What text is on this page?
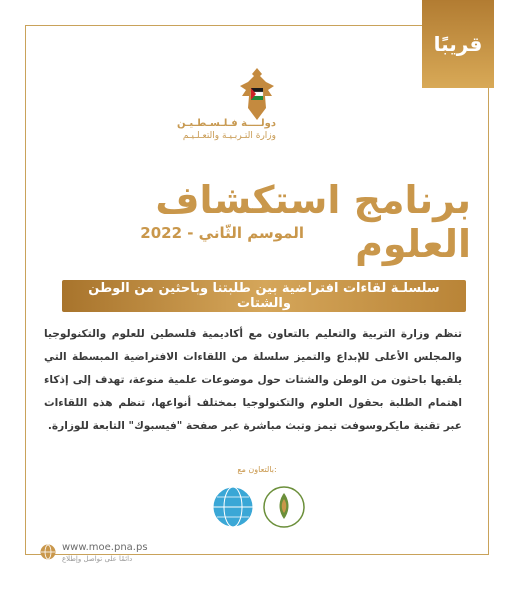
قريبًا
دولــــة فـلـسـطـيـن
وزارة التـربـيـة والتعـلـيـم
برنامج استكشاف العلوم
الموسم الثّاني - 2022
سلسلـة لقاءات افتراضية بين طلبتنا وباحثين من الوطن والشتات
تنظم وزارة التربية والتعليم بالتعاون مع أكاديمية فلسطين للعلوم والتكنولوجيا والمجلس الأعلى للإبداع والتميز سلسلة من اللقاءات الافتراضية المبسطة التي يلقيها باحثون من الوطن والشتات حول موضوعات علمية منوعة، تهدف إلى إذكاء اهتمام الطلبة بحقول العلوم والتكنولوجيا بمختلف أنواعها، تنظم هذه اللقاءات عبر تقنية مايكروسوفت تيمز وتبث مباشرة عبر صفحة "فيسبوك" التابعة للوزارة.
بالتعاون مع:
www.moe.pna.ps
دائمًا على تواصل وإطلاع
